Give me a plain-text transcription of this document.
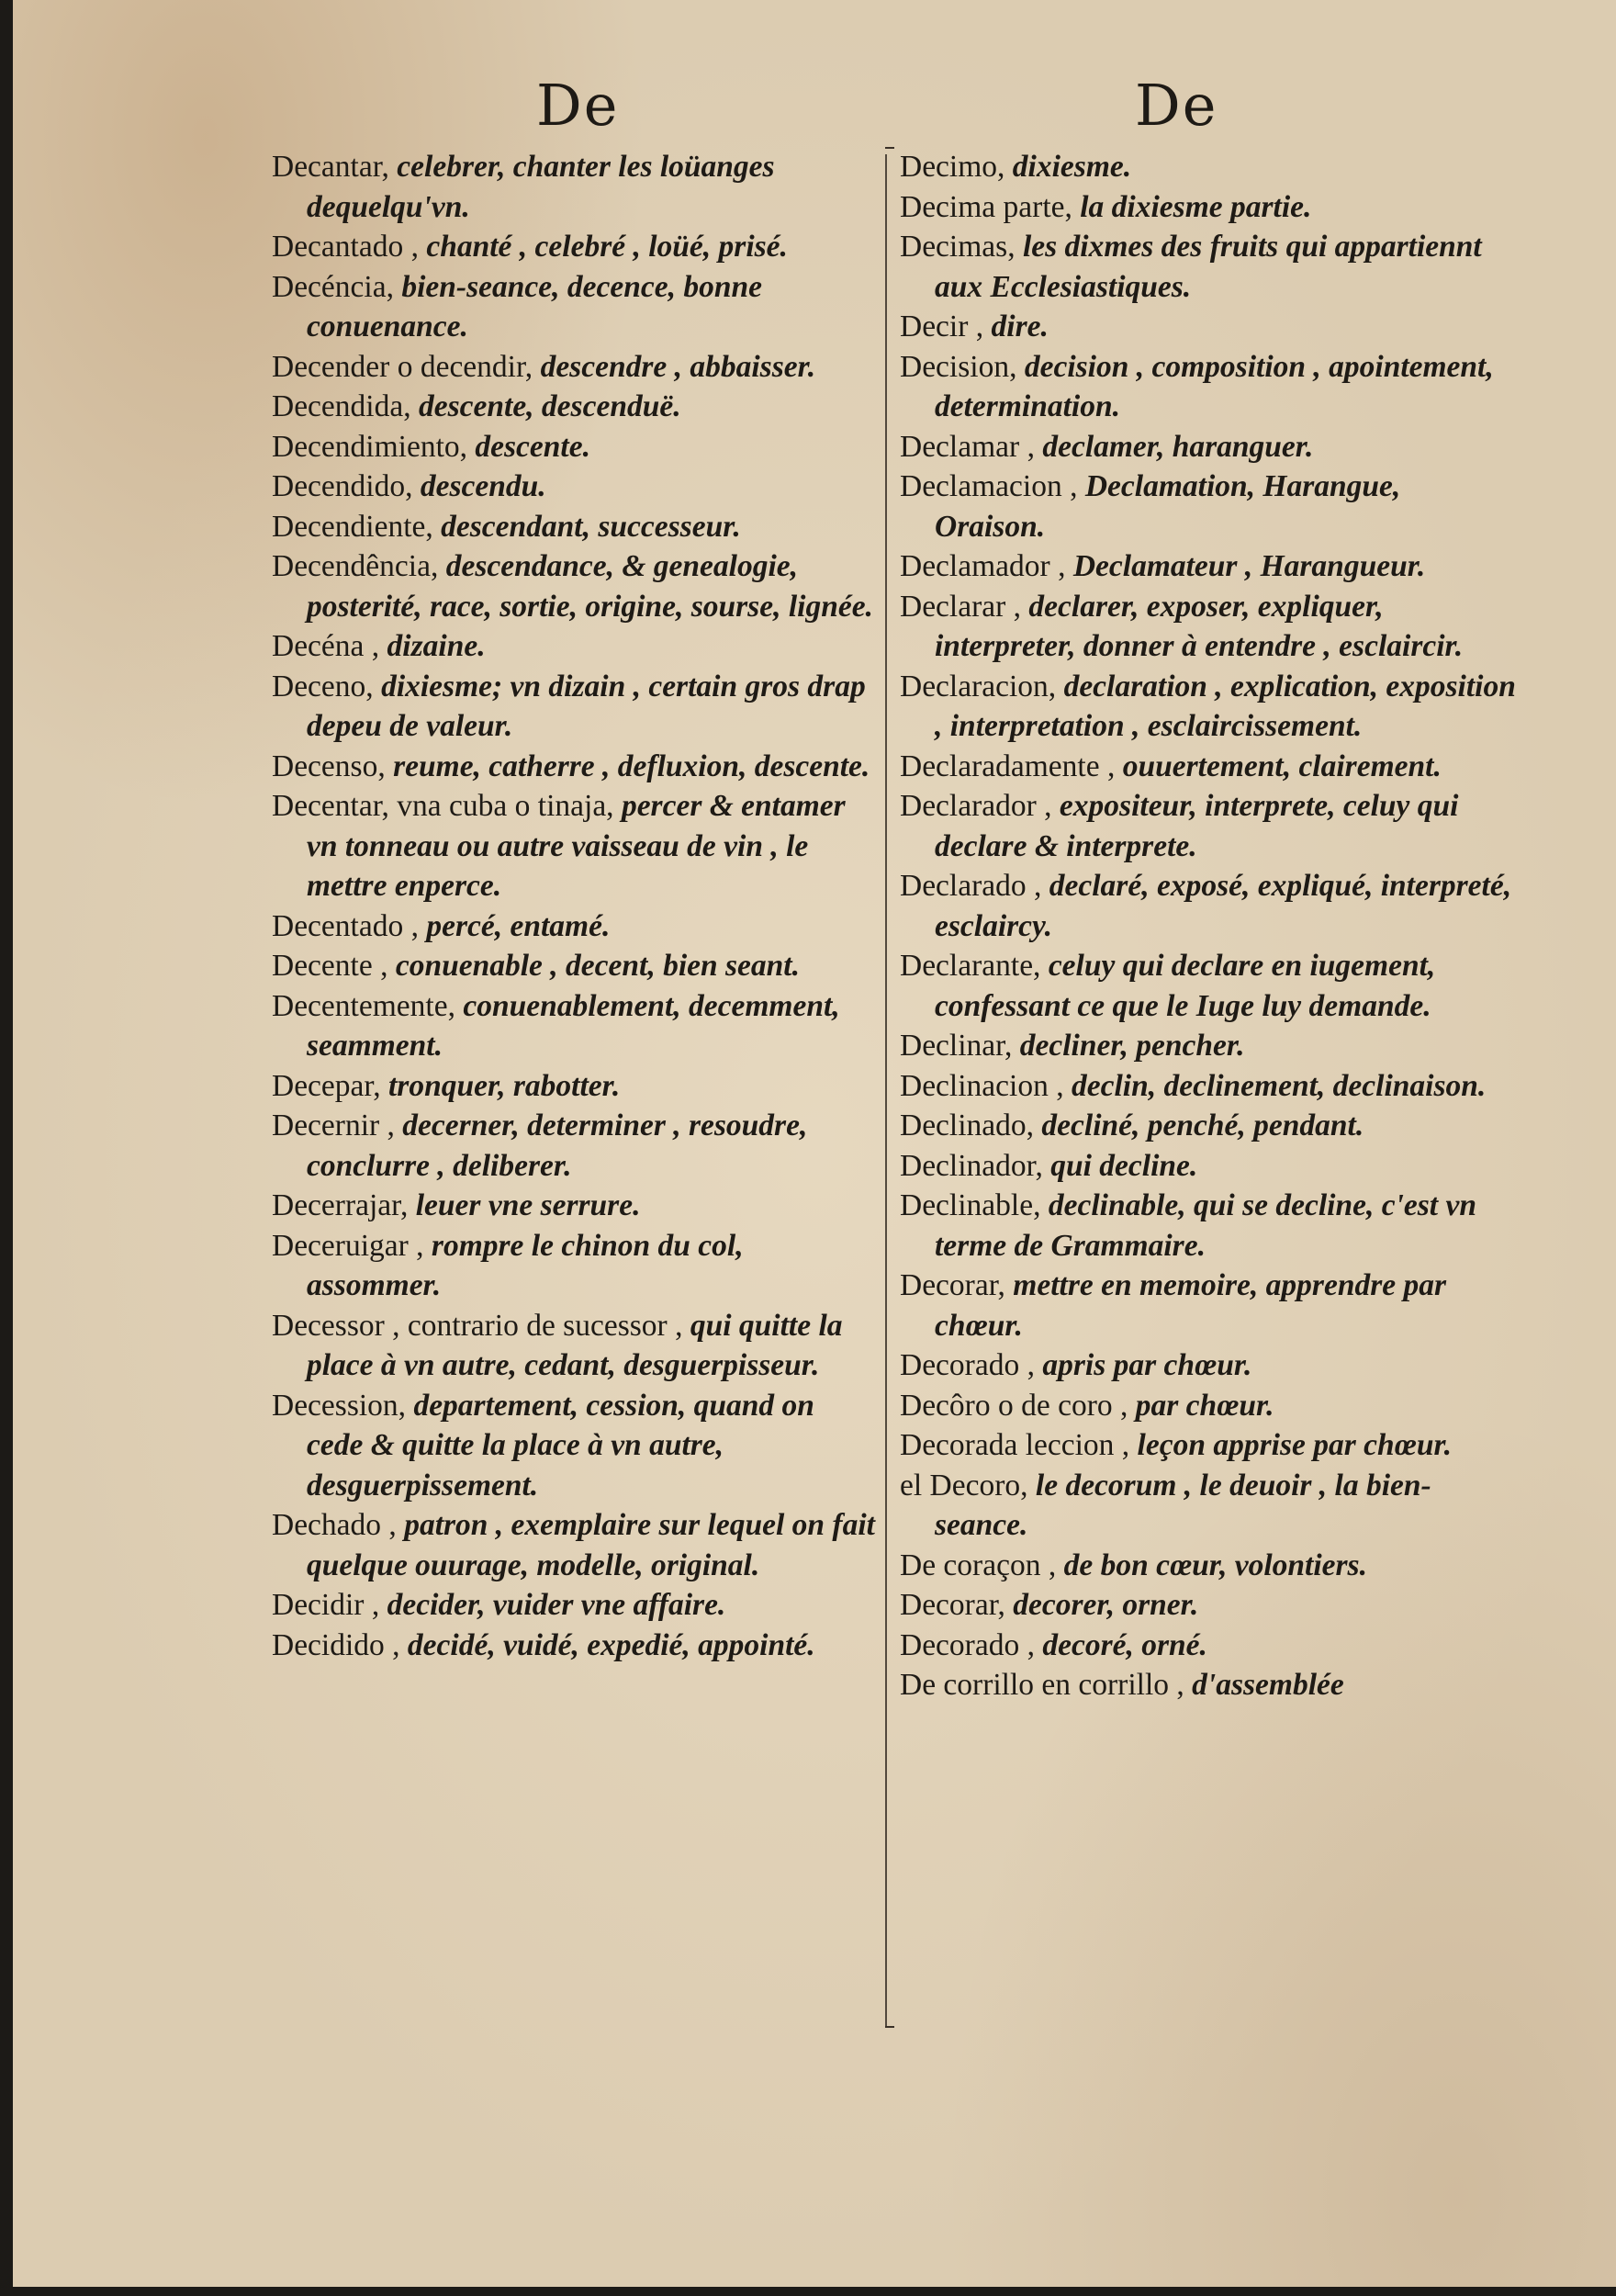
De	De

Decantar, celebrer, chanter les loüanges dequelqu'vn.

Decantado , chanté , celebré , loüé, prisé.

Decéncia, bien-seance, decence, bonne conuenance.

Decender o decendir, descendre , abbaisser.

Decendida, descente, descenduë.

Decendimiento, descente.

Decendido, descendu.

Decendiente, descendant, successeur.

Decendência, descendance, & genealogie, posterité, race, sortie, origine, sourse, lignée.

Decéna , dizaine.

Deceno, dixiesme; vn dizain , certain gros drap depeu de valeur.

Decenso, reume, catherre , defluxion, descente.

Decentar, vna cuba o tinaja, percer & entamer vn tonneau ou autre vaisseau de vin , le mettre enperce.

Decentado , percé, entamé.

Decente , conuenable , decent, bien seant.

Decentemente, conuenablement, decemment, seamment.

Decepar, tronquer, rabotter.

Decernir , decerner, determiner , resoudre, conclurre , deliberer.

Decerrajar, leuer vne serrure.

Deceruigar , rompre le chinon du col, assommer.

Decessor , contrario de sucessor , qui quitte la place à vn autre, cedant, desguerpisseur.

Decession, departement, cession, quand on cede & quitte la place à vn autre, desguerpissement.

Dechado , patron , exemplaire sur lequel on fait quelque ouurage, modelle, original.

Decidir , decider, vuider vne affaire.

Decidido , decidé, vuidé, expedié, appointé.

Decimo, dixiesme.

Decima parte, la dixiesme partie.

Decimas, les dixmes des fruits qui appartiennt aux Ecclesiastiques.

Decir , dire.

Decision, decision , composition , apointement, determination.

Declamar , declamer, haranguer.

Declamacion , Declamation, Harangue, Oraison.

Declamador , Declamateur , Harangueur.

Declarar , declarer, exposer, expliquer, interpreter, donner à entendre , esclaircir.

Declaracion, declaration , explication, exposition , interpretation , esclaircissement.

Declaradamente , ouuertement, clairement.

Declarador , expositeur, interprete, celuy qui declare & interprete.

Declarado , declaré, exposé, expliqué, interpreté, esclaircy.

Declarante, celuy qui declare en iugement, confessant ce que le Iuge luy demande.

Declinar, decliner, pencher.

Declinacion , declin, declinement, declinaison.

Declinado, decliné, penché, pendant.

Declinador, qui decline.

Declinable, declinable, qui se decline, c'est vn terme de Grammaire.

Decorar, mettre en memoire, apprendre par chœur.

Decorado , apris par chœur.

Decôro o de coro , par chœur.

Decorada leccion , leçon apprise par chœur.

el Decoro, le decorum , le deuoir , la bien-seance.

De coraçon , de bon cœur, volontiers.

Decorar, decorer, orner.

Decorado , decoré, orné.

De corrillo en corrillo , d'assemblée
